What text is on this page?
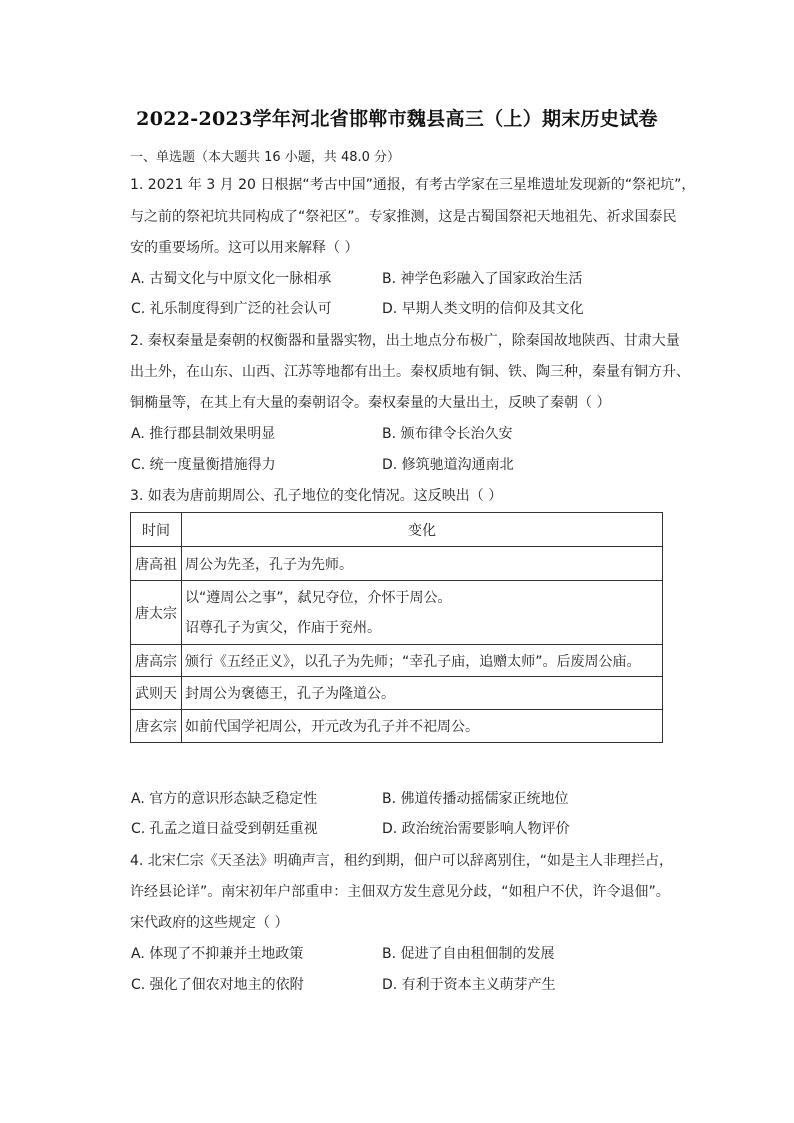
2022-2023学年河北省邯郸市魏县高三（上）期末历史试卷
一、单选题（本大题共 16 小题，共 48.0 分）
1. 2021 年 3 月 20 日根据“考古中国”通报，有考古学家在三星堆遗址发现新的“祭祀坑”，
与之前的祭祀坑共同构成了“祭祀区”。专家推测，这是古蜀国祭祀天地祖先、祈求国泰民
安的重要场所。这可以用来解释（ ）
A. 古蜀文化与中原文化一脉相承	B. 神学色彩融入了国家政治生活
C. 礼乐制度得到广泛的社会认可	D. 早期人类文明的信仰及其文化
2. 秦权秦量是秦朝的权衡器和量器实物，出土地点分布极广，除秦国故地陕西、甘肃大量
出土外，在山东、山西、江苏等地都有出土。秦权质地有铜、铁、陶三种，秦量有铜方升、
铜椭量等，在其上有大量的秦朝诏令。秦权秦量的大量出土，反映了秦朝（ ）
A. 推行郡县制效果明显	B. 颁布律令长治久安
C. 统一度量衡措施得力	D. 修筑驰道沟通南北
3. 如表为唐前期周公、孔子地位的变化情况。这反映出（ ）
时间	变化
唐高祖	周公为先圣，孔子为先师。
唐太宗	以“遵周公之事”，弑兄夺位，介怀于周公。
诏尊孔子为寅父，作庙于兖州。

唐高宗	颁行《五经正义》，以孔子为先师；“幸孔子庙，追赠太师”。后废周公庙。
武则天	封周公为褒德王，孔子为隆道公。
唐玄宗	如前代国学祀周公，开元改为孔子并不祀周公。
A. 官方的意识形态缺乏稳定性	B. 佛道传播动摇儒家正统地位
C. 孔孟之道日益受到朝廷重视	D. 政治统治需要影响人物评价
4. 北宋仁宗《天圣法》明确声言，租约到期，佃户可以辞离别住，“如是主人非理拦占，
许经县论详”。南宋初年户部重申：主佃双方发生意见分歧，“如租户不伏，许令退佃”。
宋代政府的这些规定（ ）
A. 体现了不抑兼并土地政策	B. 促进了自由租佃制的发展
C. 强化了佃农对地主的依附	D. 有利于资本主义萌芽产生
